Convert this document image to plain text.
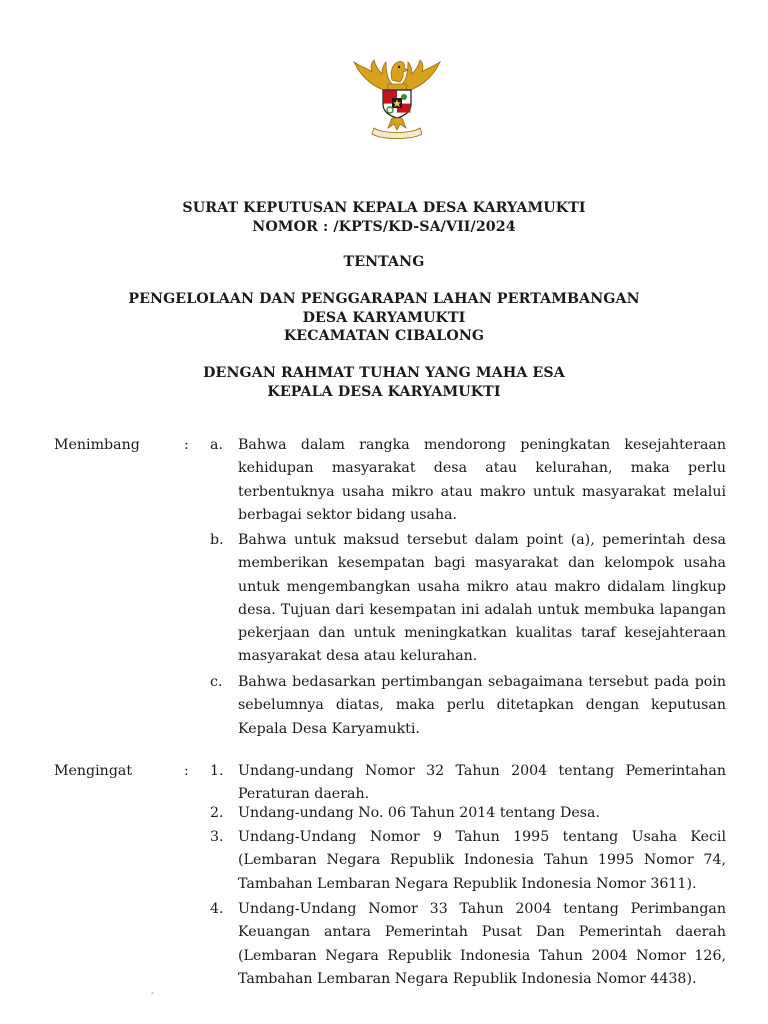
SURAT KEPUTUSAN KEPALA DESA KARYAMUKTI
NOMOR : /KPTS/KD-SA/VII/2024
TENTANG
PENGELOLAAN DAN PENGGARAPAN LAHAN PERTAMBANGAN
DESA KARYAMUKTI
KECAMATAN CIBALONG
DENGAN RAHMAT TUHAN YANG MAHA ESA
KEPALA DESA KARYAMUKTI
Menimbang	: a. Bahwa dalam rangka mendorong peningkatan kesejahteraan kehidupan masyarakat desa atau kelurahan, maka perlu terbentuknya usaha mikro atau makro untuk masyarakat melalui berbagai sektor bidang usaha.
b. Bahwa untuk maksud tersebut dalam point (a), pemerintah desa memberikan kesempatan bagi masyarakat dan kelompok usaha untuk mengembangkan usaha mikro atau makro didalam lingkup desa. Tujuan dari kesempatan ini adalah untuk membuka lapangan pekerjaan dan untuk meningkatkan kualitas taraf kesejahteraan masyarakat desa atau kelurahan.
c. Bahwa bedasarkan pertimbangan sebagaimana tersebut pada poin sebelumnya diatas, maka perlu ditetapkan dengan keputusan Kepala Desa Karyamukti.
Mengingat	: 1. Undang-undang Nomor 32 Tahun 2004 tentang Pemerintahan Peraturan daerah.
2. Undang-undang No. 06 Tahun 2014 tentang Desa.
3. Undang-Undang Nomor 9 Tahun 1995 tentang Usaha Kecil (Lembaran Negara Republik Indonesia Tahun 1995 Nomor 74, Tambahan Lembaran Negara Republik Indonesia Nomor 3611).
4. Undang-Undang Nomor 33 Tahun 2004 tentang Perimbangan Keuangan antara Pemerintah Pusat Dan Pemerintah daerah (Lembaran Negara Republik Indonesia Tahun 2004 Nomor 126, Tambahan Lembaran Negara Republik Indonesia Nomor 4438).
‸
